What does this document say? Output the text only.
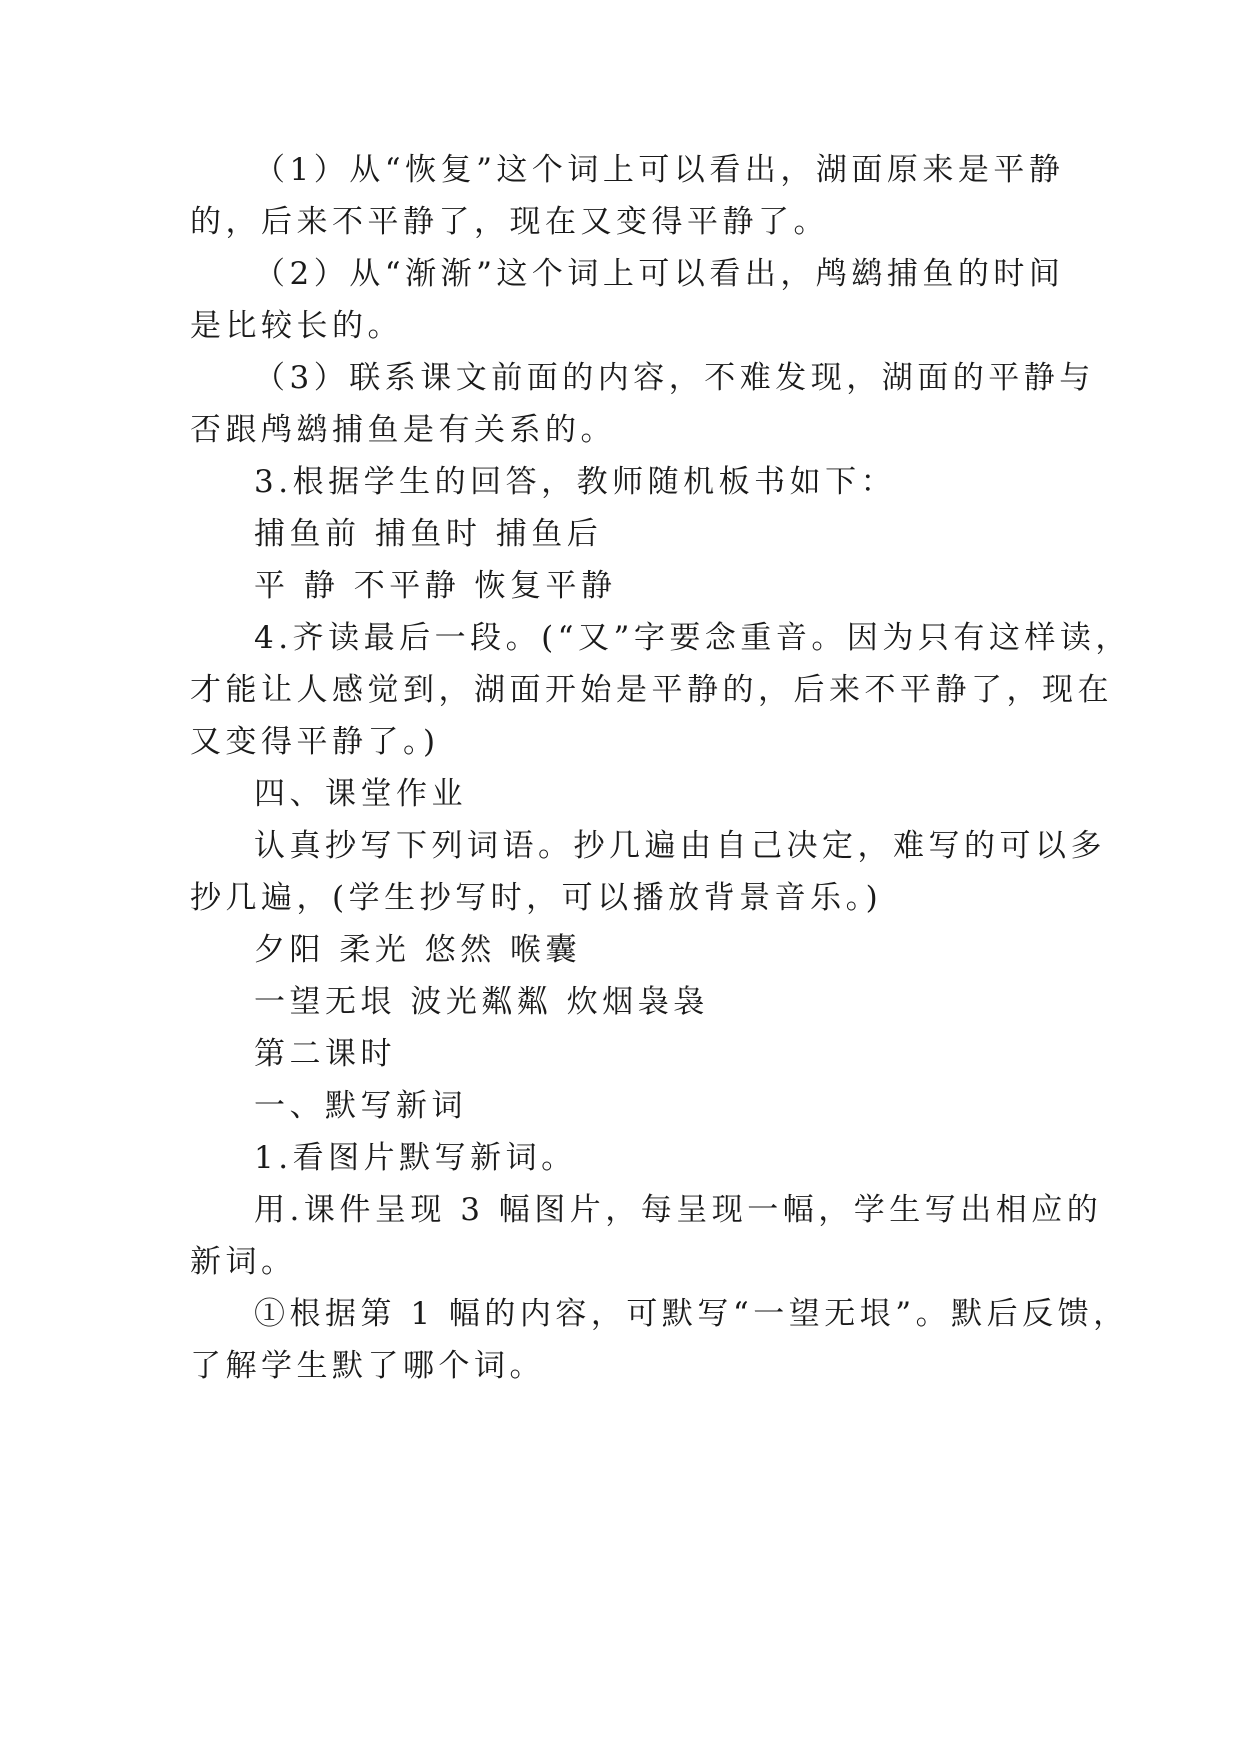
（1）从“恢复”这个词上可以看出，湖面原来是平静
的，后来不平静了，现在又变得平静了。
（2）从“渐渐”这个词上可以看出，鸬鹚捕鱼的时间
是比较长的。
（3）联系课文前面的内容，不难发现，湖面的平静与
否跟鸬鹚捕鱼是有关系的。
3.根据学生的回答，教师随机板书如下：
捕鱼前 捕鱼时 捕鱼后
平 静 不平静 恢复平静
4.齐读最后一段。(“又”字要念重音。因为只有这样读，
才能让人感觉到，湖面开始是平静的，后来不平静了，现在
又变得平静了。)
四、课堂作业
认真抄写下列词语。抄几遍由自己决定，难写的可以多
抄几遍，(学生抄写时，可以播放背景音乐。)
夕阳 柔光 悠然 喉囊
一望无垠 波光粼粼 炊烟袅袅
第二课时
一、默写新词
1.看图片默写新词。
用.课件呈现 3 幅图片，每呈现一幅，学生写出相应的
新词。
①根据第 1 幅的内容，可默写“一望无垠”。默后反馈，
了解学生默了哪个词。
